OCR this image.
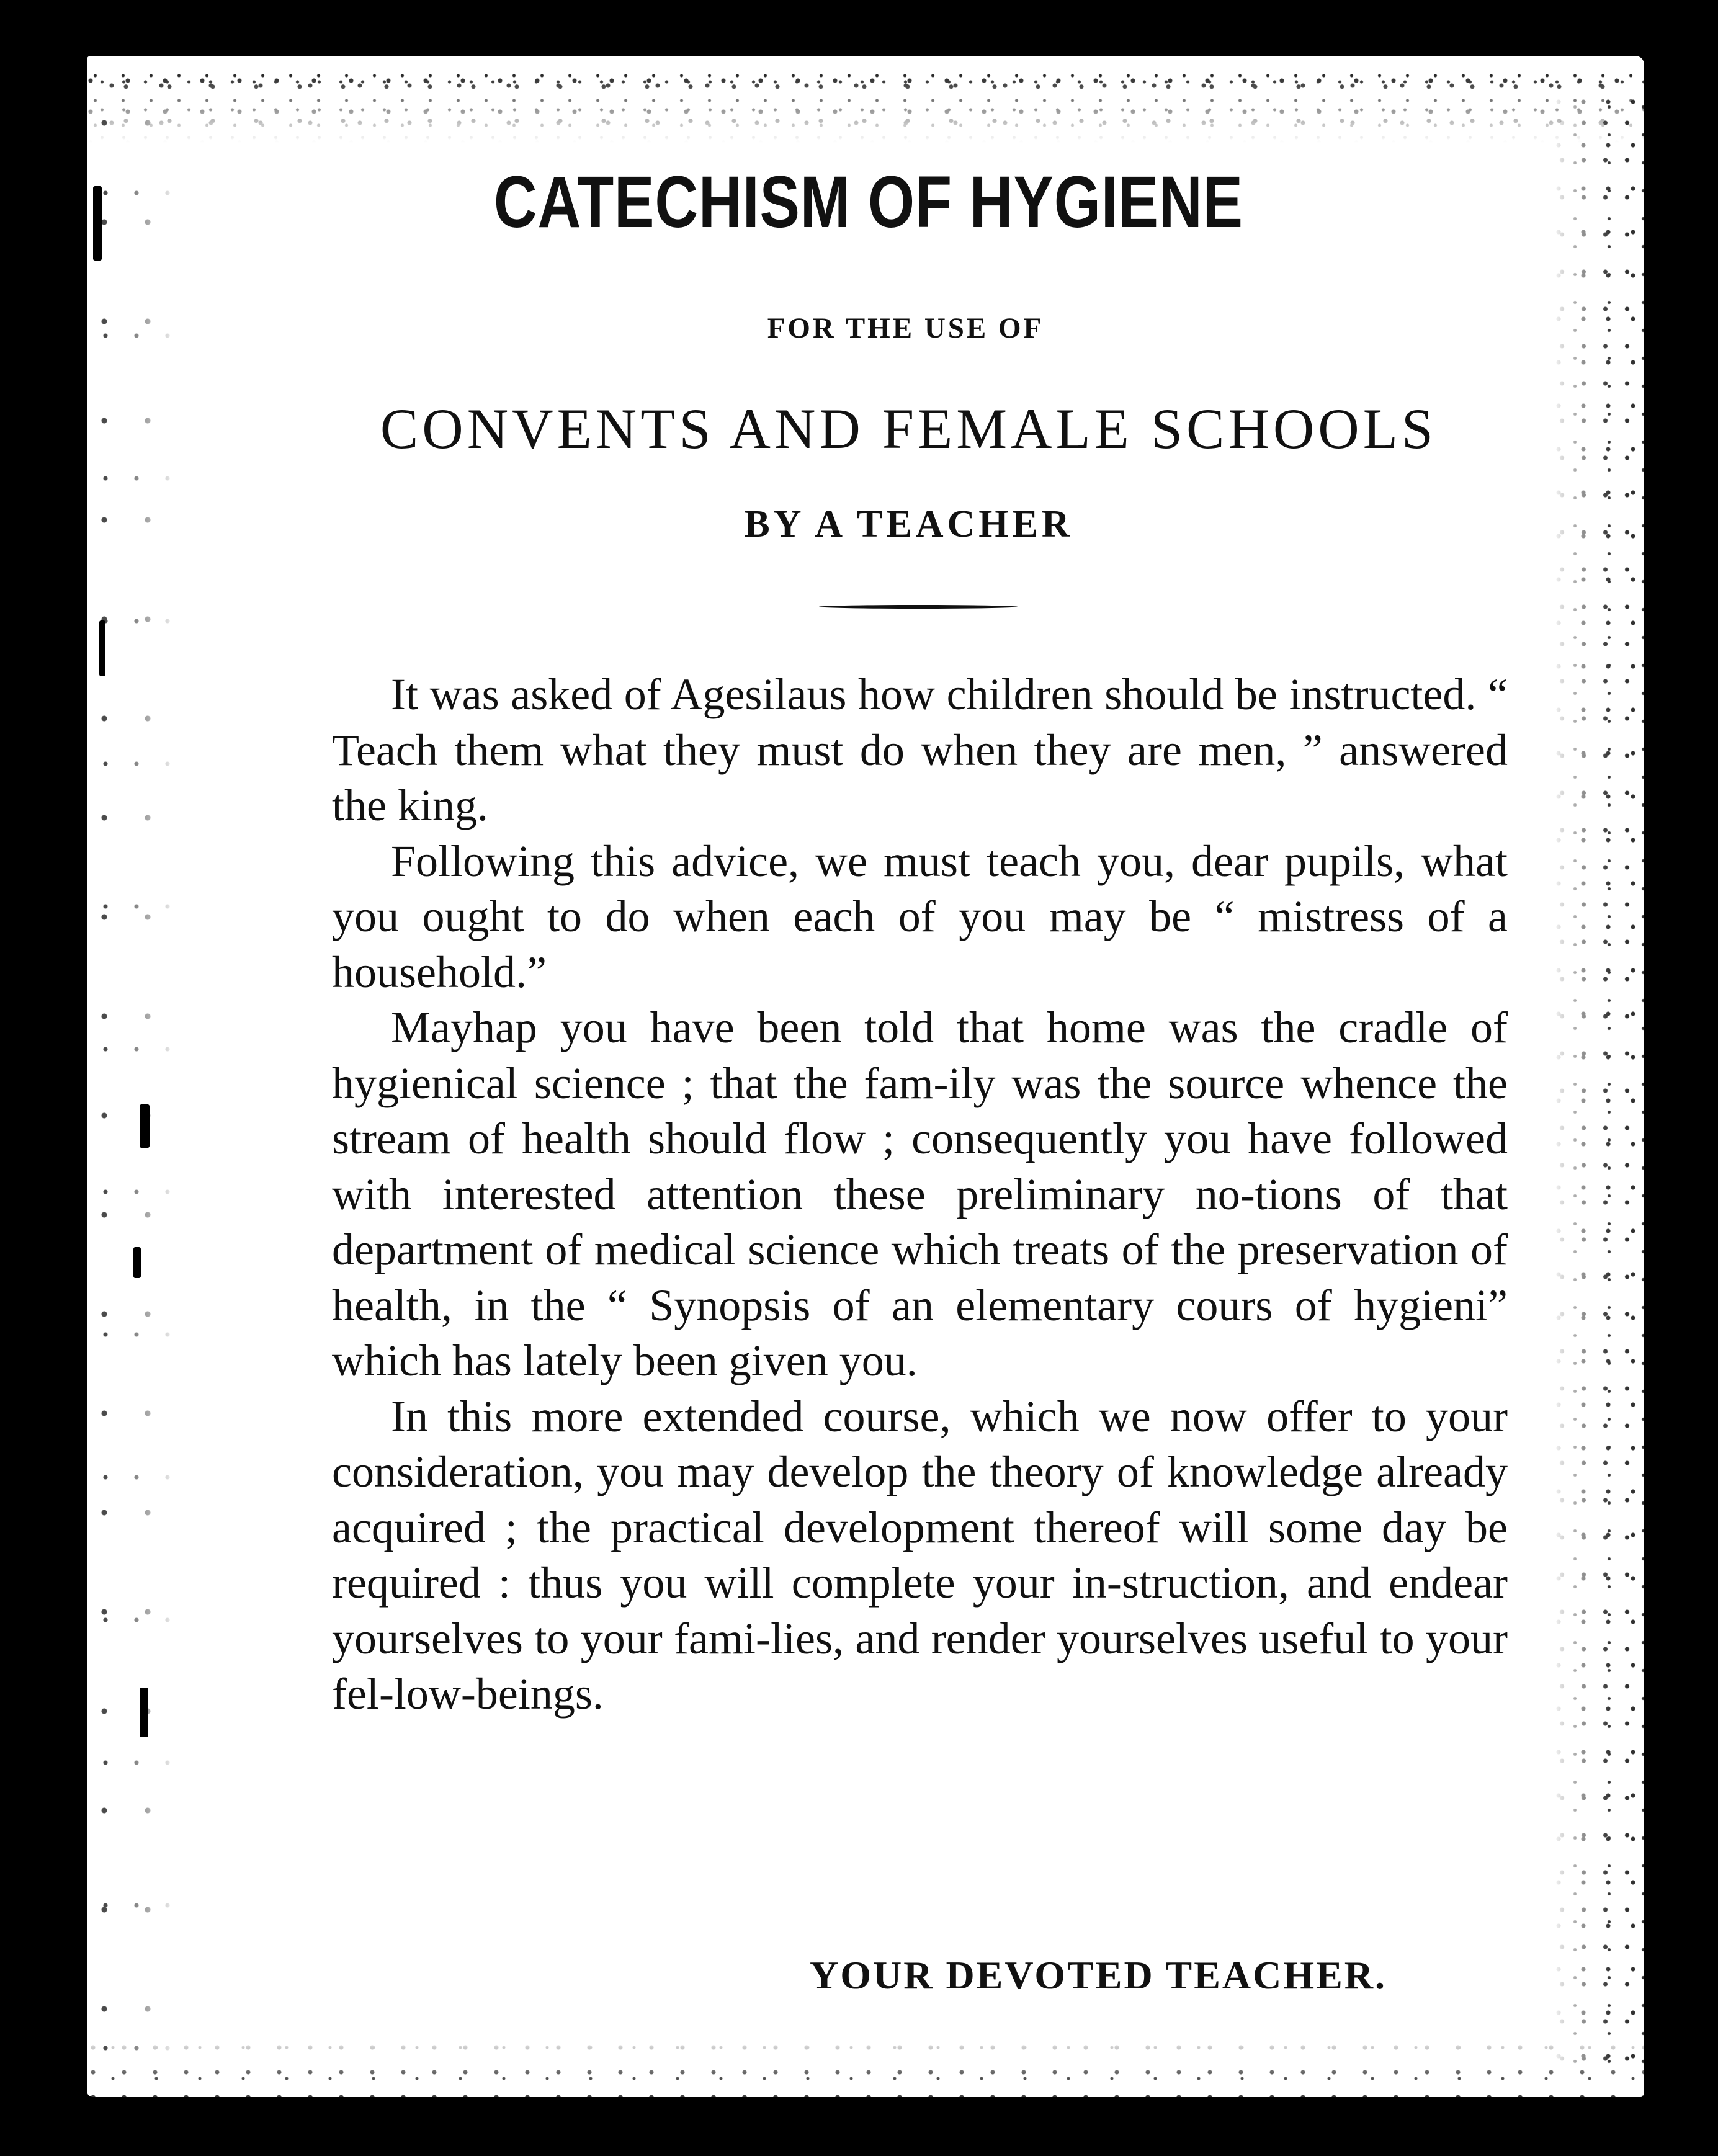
CATECHISM OF HYGIENE
FOR THE USE OF
CONVENTS AND FEMALE SCHOOLS
BY A TEACHER

It was asked of Agesilaus how children should be instructed. “ Teach them what they must do when they are men, ” answered the king.

Following this advice, we must teach you, dear pupils, what you ought to do when each of you may be “ mistress of a household.”

Mayhap you have been told that home was the cradle of hygienical science ; that the fam-ily was the source whence the stream of health should flow ; consequently you have followed with interested attention these preliminary no-tions of that department of medical science which treats of the preservation of health, in the “ Synopsis of an elementary cours of hygieni” which has lately been given you.

In this more extended course, which we now offer to your consideration, you may develop the theory of knowledge already acquired ; the practical development thereof will some day be required : thus you will complete your in-struction, and endear yourselves to your fami-lies, and render yourselves useful to your fel-low-beings.

YOUR DEVOTED TEACHER.
